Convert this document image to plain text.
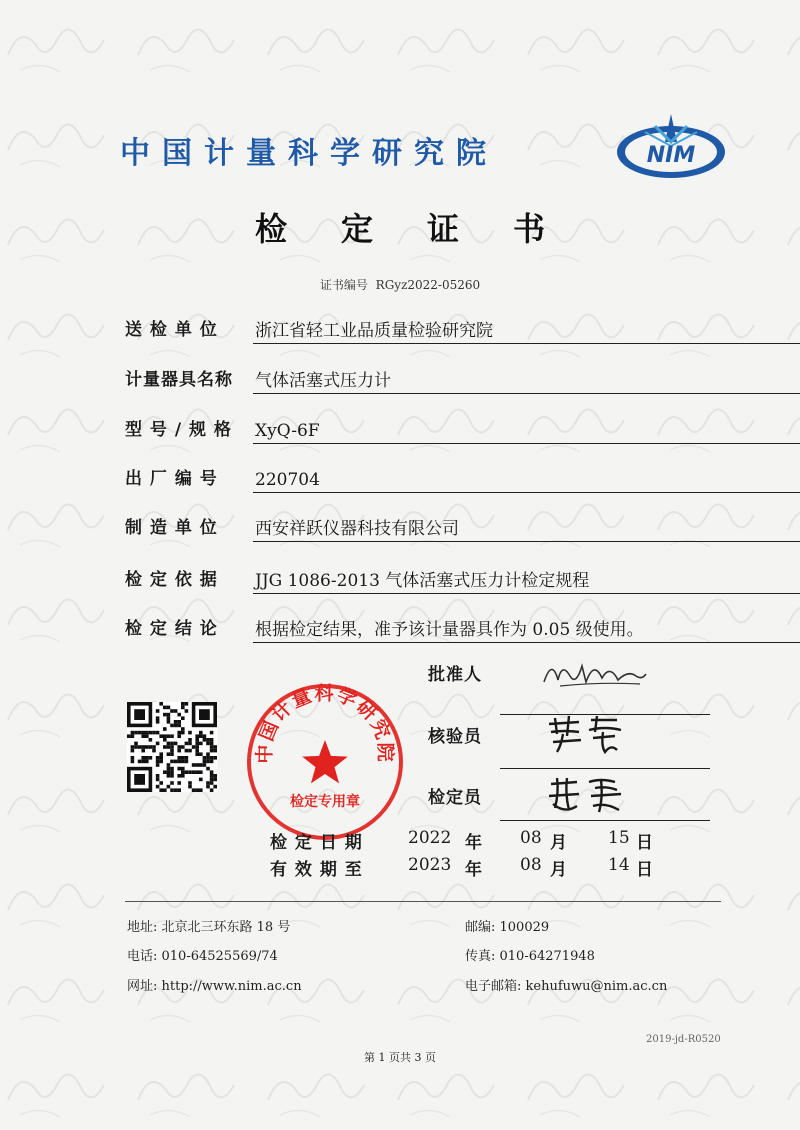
中国计量科学研究院	NIM
检定证书
证书编号 RGyz2022-05260
送 检 单 位	浙江省轻工业品质量检验研究院
计量器具名称	气体活塞式压力计
型 号 / 规 格	XyQ-6F
出 厂 编 号	220704
制 造 单 位	西安祥跃仪器科技有限公司
检 定 依 据	JJG 1086-2013 气体活塞式压力计检定规程
检 定 结 论	根据检定结果，准予该计量器具作为 0.05 级使用。
批准人
核验员
检定员
中国计量科学研究院
检定专用章
检 定 日 期	2022 年 08 月 15 日
有 效 期 至	2023 年 08 月 14 日
地址: 北京北三环东路 18 号	邮编: 100029
电话: 010-64525569/74	传真: 010-64271948
网址: http://www.nim.ac.cn	电子邮箱: kehufuwu@nim.ac.cn
2019-jd-R0520
第 1 页共 3 页
